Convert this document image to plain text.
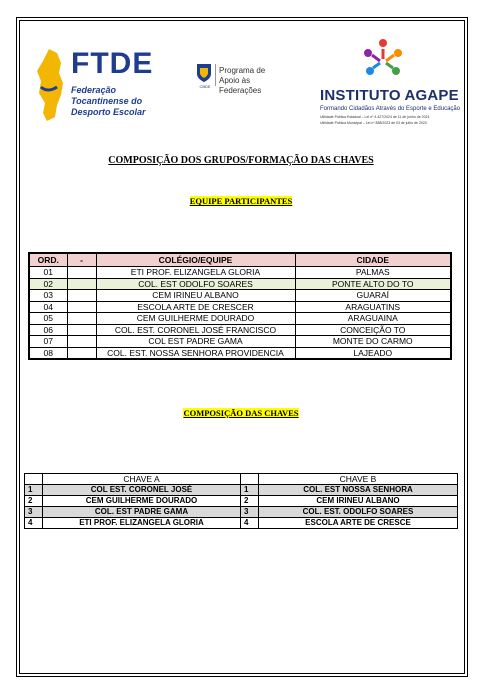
FTDE
Federação Tocantinense do Desporto Escolar
CBDE
Programa de Apoio às Federações	INSTITUTO AGAPE
Formando Cidadãos Através do Esporte e Educação
Utilidade Pública Estadual – Lei nº 4.427/2024 de 11 de junho de 2024
Utilidade Pública Municipal – Lei nº 888/2023 de 03 de julho de 2023
COMPOSIÇÃO DOS GRUPOS/FORMAÇÃO DAS CHAVES
EQUIPE PARTICIPANTES
ORD.	-	COLÉGIO/EQUIPE	CIDADE
01		ETI PROF. ELIZANGELA GLORIA	PALMAS
02		COL. EST ODOLFO SOARES	PONTE ALTO DO TO
03		CEM IRINEU ALBANO	GUARAÍ
04		ESCOLA ARTE DE CRESCER	ARAGUATINS
05		CEM GUILHERME DOURADO	ARAGUAINA
06		COL. EST. CORONEL JOSÉ FRANCISCO	CONCEIÇÃO TO
07		COL EST PADRE GAMA	MONTE DO CARMO
08		COL. EST. NOSSA SENHORA PROVIDENCIA	LAJEADO
COMPOSIÇÃO DAS CHAVES
	CHAVE A		CHAVE B
1	COL EST. CORONEL JOSÉ	1	COL. EST NOSSA SENHORA
2	CEM GUILHERME DOURADO	2	CEM IRINEU ALBANO
3	COL. EST PADRE GAMA	3	COL. EST. ODOLFO SOARES
4	ETI PROF. ELIZANGELA GLORIA	4	ESCOLA ARTE DE CRESCE
